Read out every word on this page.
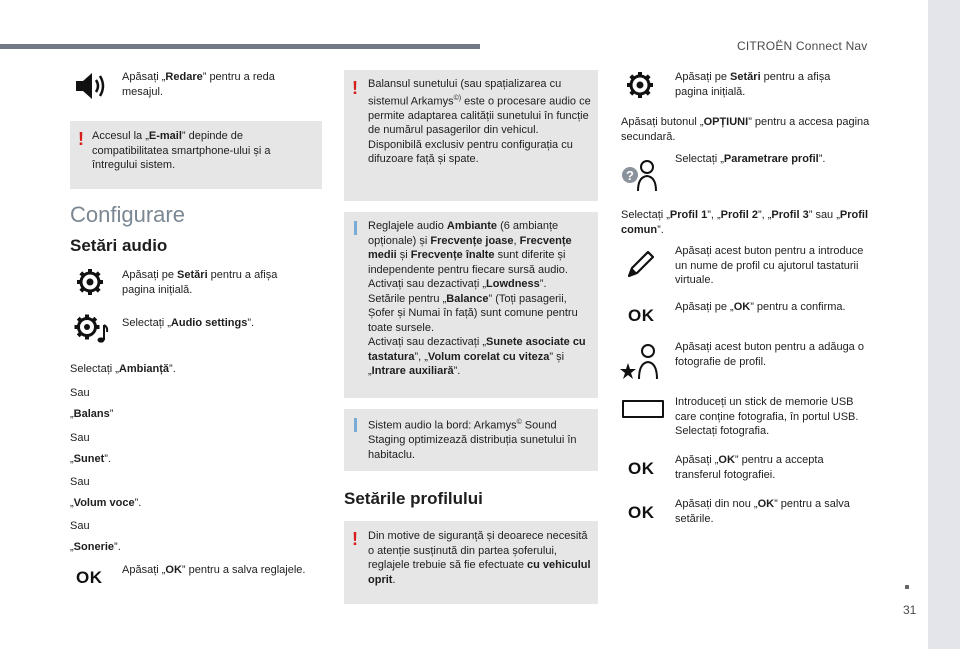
CITROËN Connect Nav
31
Apăsați „Redare” pentru a reda mesajul.
! Accesul la „E-mail” depinde de compatibilitatea smartphone-ului și a întregului sistem.
Configurare
Setări audio
Apăsați pe Setări pentru a afișa pagina inițială.
Selectați „Audio settings”.
Selectați „Ambianță”.
Sau
„Balans”
Sau
„Sunet”.
Sau
„Volum voce”.
Sau
„Sonerie”.
OK Apăsați „OK” pentru a salva reglajele.
! Balansul sunetului (sau spațializarea cu sistemul Arkamys©) este o procesare audio ce permite adaptarea calității sunetului în funcție de numărul pasagerilor din vehicul. Disponibilă exclusiv pentru configurația cu difuzoare față și spate.
Reglajele audio Ambiante (6 ambianțe opționale) și Frecvențe joase, Frecvențe medii și Frecvențe înalte sunt diferite și independente pentru fiecare sursă audio.
Activați sau dezactivați „Lowdness”.
Setările pentru „Balance” (Toți pasagerii, Șofer și Numai în față) sunt comune pentru toate sursele.
Activați sau dezactivați „Sunete asociate cu tastatura”, „Volum corelat cu viteza” și „Intrare auxiliară”.
Sistem audio la bord: Arkamys© Sound Staging optimizează distribuția sunetului în habitaclu.
Setările profilului
! Din motive de siguranță și deoarece necesită o atenție susținută din partea șoferului, reglajele trebuie să fie efectuate cu vehiculul oprit.
Apăsați pe Setări pentru a afișa pagina inițială.
Apăsați butonul „OPȚIUNI” pentru a accesa pagina secundară.
?
Selectați „Parametrare profil”.
Selectați „Profil 1”, „Profil 2”, „Profil 3” sau „Profil comun”.
Apăsați acest buton pentru a introduce un nume de profil cu ajutorul tastaturii virtuale.
OK Apăsați pe „OK” pentru a confirma.
Apăsați acest buton pentru a adăuga o fotografie de profil.
Introduceți un stick de memorie USB care conține fotografia, în portul USB. Selectați fotografia.
OK Apăsați „OK” pentru a accepta transferul fotografiei.
OK Apăsați din nou „OK” pentru a salva setările.
